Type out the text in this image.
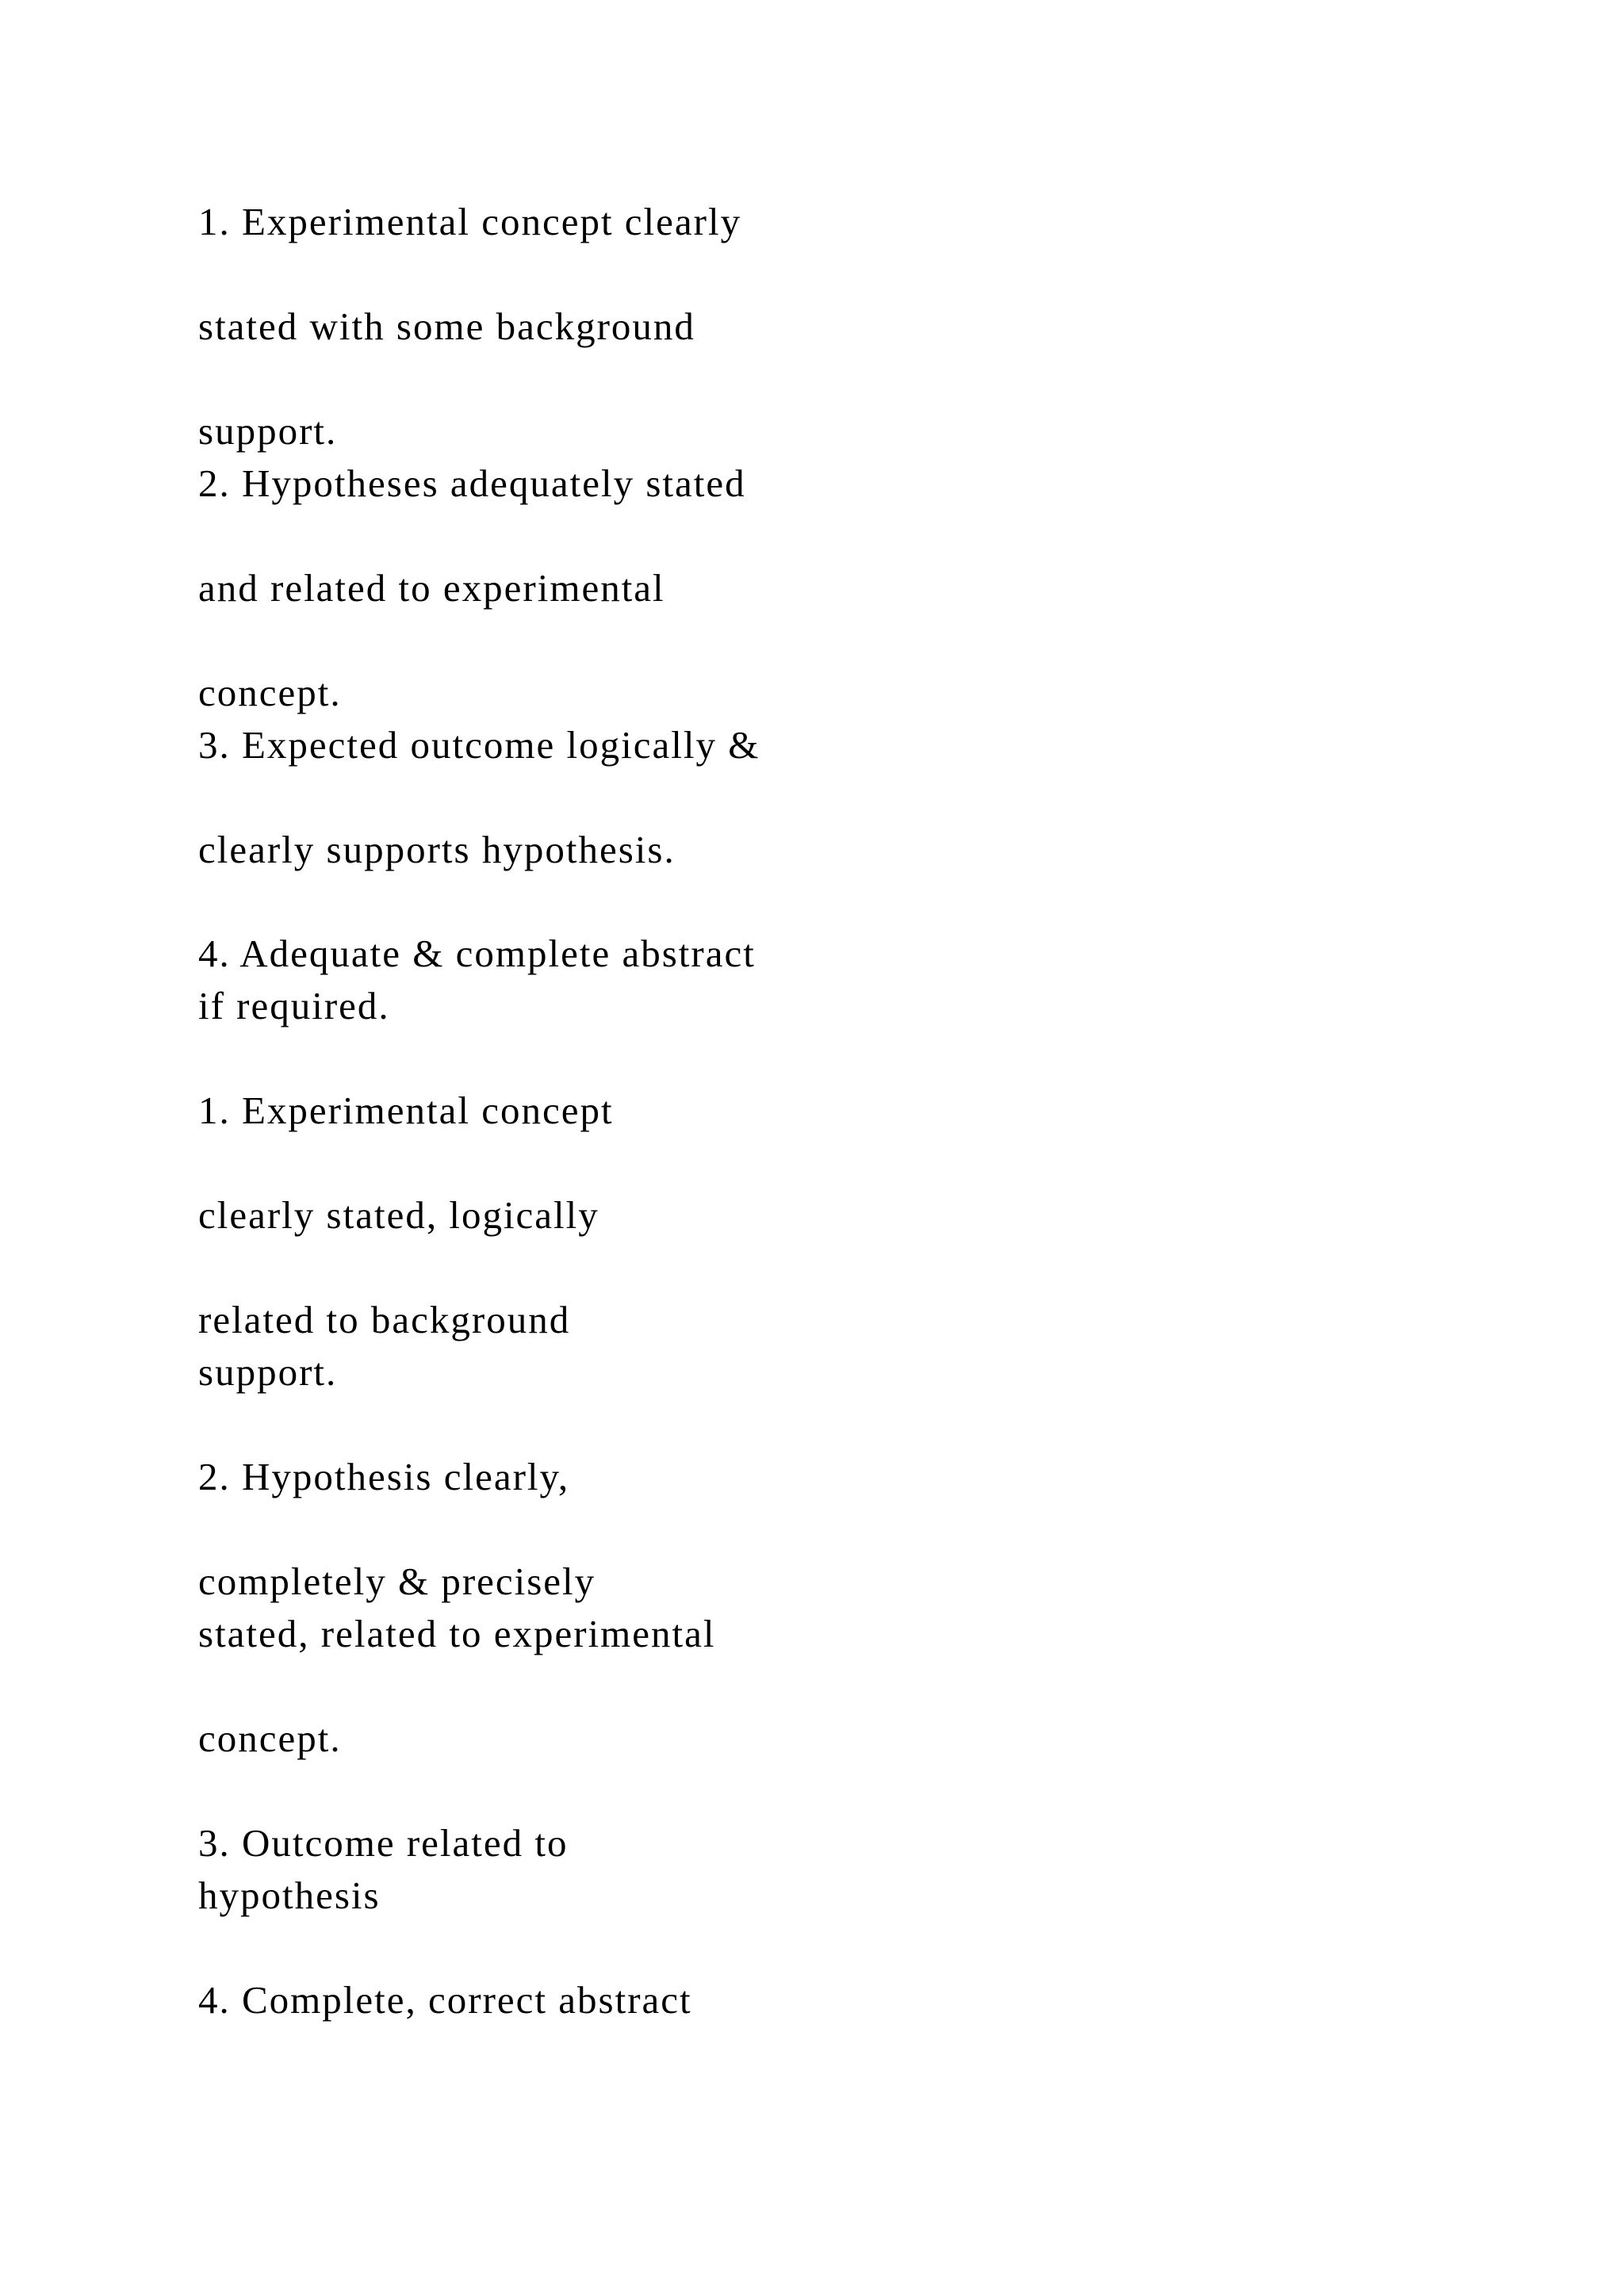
1. Experimental concept clearly

stated with some background

support.

2. Hypotheses adequately stated

and related to experimental

concept.

3. Expected outcome logically &

clearly supports hypothesis.

4. Adequate & complete abstract

if required.

1. Experimental concept

clearly stated, logically

related to background

support.

2. Hypothesis clearly,

completely & precisely

stated, related to experimental

concept.

3. Outcome related to

hypothesis

4. Complete, correct abstract
